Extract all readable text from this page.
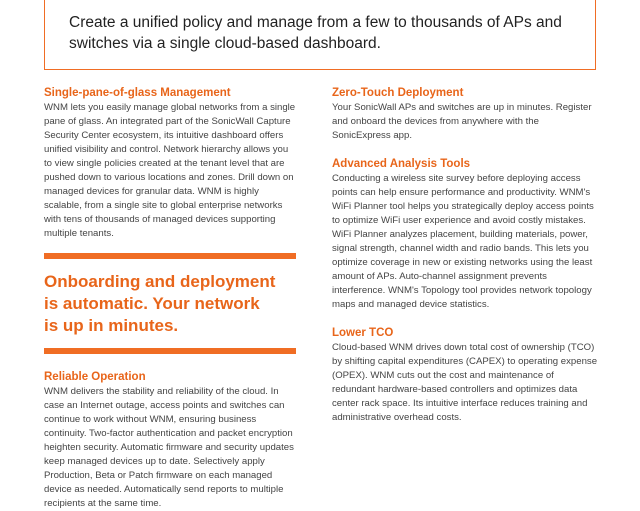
Create a unified policy and manage from a few to thousands of APs and switches via a single cloud-based dashboard.
Single-pane-of-glass Management

WNM lets you easily manage global networks from a single pane of glass. An integrated part of the SonicWall Capture Security Center ecosystem, its intuitive dashboard offers unified visibility and control. Network hierarchy allows you to view single policies created at the tenant level that are pushed down to various locations and zones. Drill down on managed devices for granular data. WNM is highly scalable, from a single site to global enterprise networks with tens of thousands of managed devices supporting multiple tenants.

Onboarding and deployment
is automatic. Your network
is up in minutes.
Reliable Operation

WNM delivers the stability and reliability of the cloud. In case an Internet outage, access points and switches can continue to work without WNM, ensuring business continuity. Two-factor authentication and packet encryption heighten security. Automatic firmware and security updates keep managed devices up to date. Selectively apply Production, Beta or Patch firmware on each managed device as needed. Automatically send reports to multiple recipients at the same time.

Zero-Touch Deployment

Your SonicWall APs and switches are up in minutes. Register and onboard the devices from anywhere with the SonicExpress app.

Advanced Analysis Tools

Conducting a wireless site survey before deploying access points can help ensure performance and productivity. WNM's WiFi Planner tool helps you strategically deploy access points to optimize WiFi user experience and avoid costly mistakes. WiFi Planner analyzes placement, building materials, power, signal strength, channel width and radio bands. This lets you optimize coverage in new or existing networks using the least amount of APs. Auto-channel assignment prevents interference. WNM's Topology tool provides network topology maps and managed device statistics.

Lower TCO

Cloud-based WNM drives down total cost of ownership (TCO) by shifting capital expenditures (CAPEX) to operating expense (OPEX). WNM cuts out the cost and maintenance of redundant hardware-based controllers and optimizes data center rack space. Its intuitive interface reduces training and administrative overhead costs.
